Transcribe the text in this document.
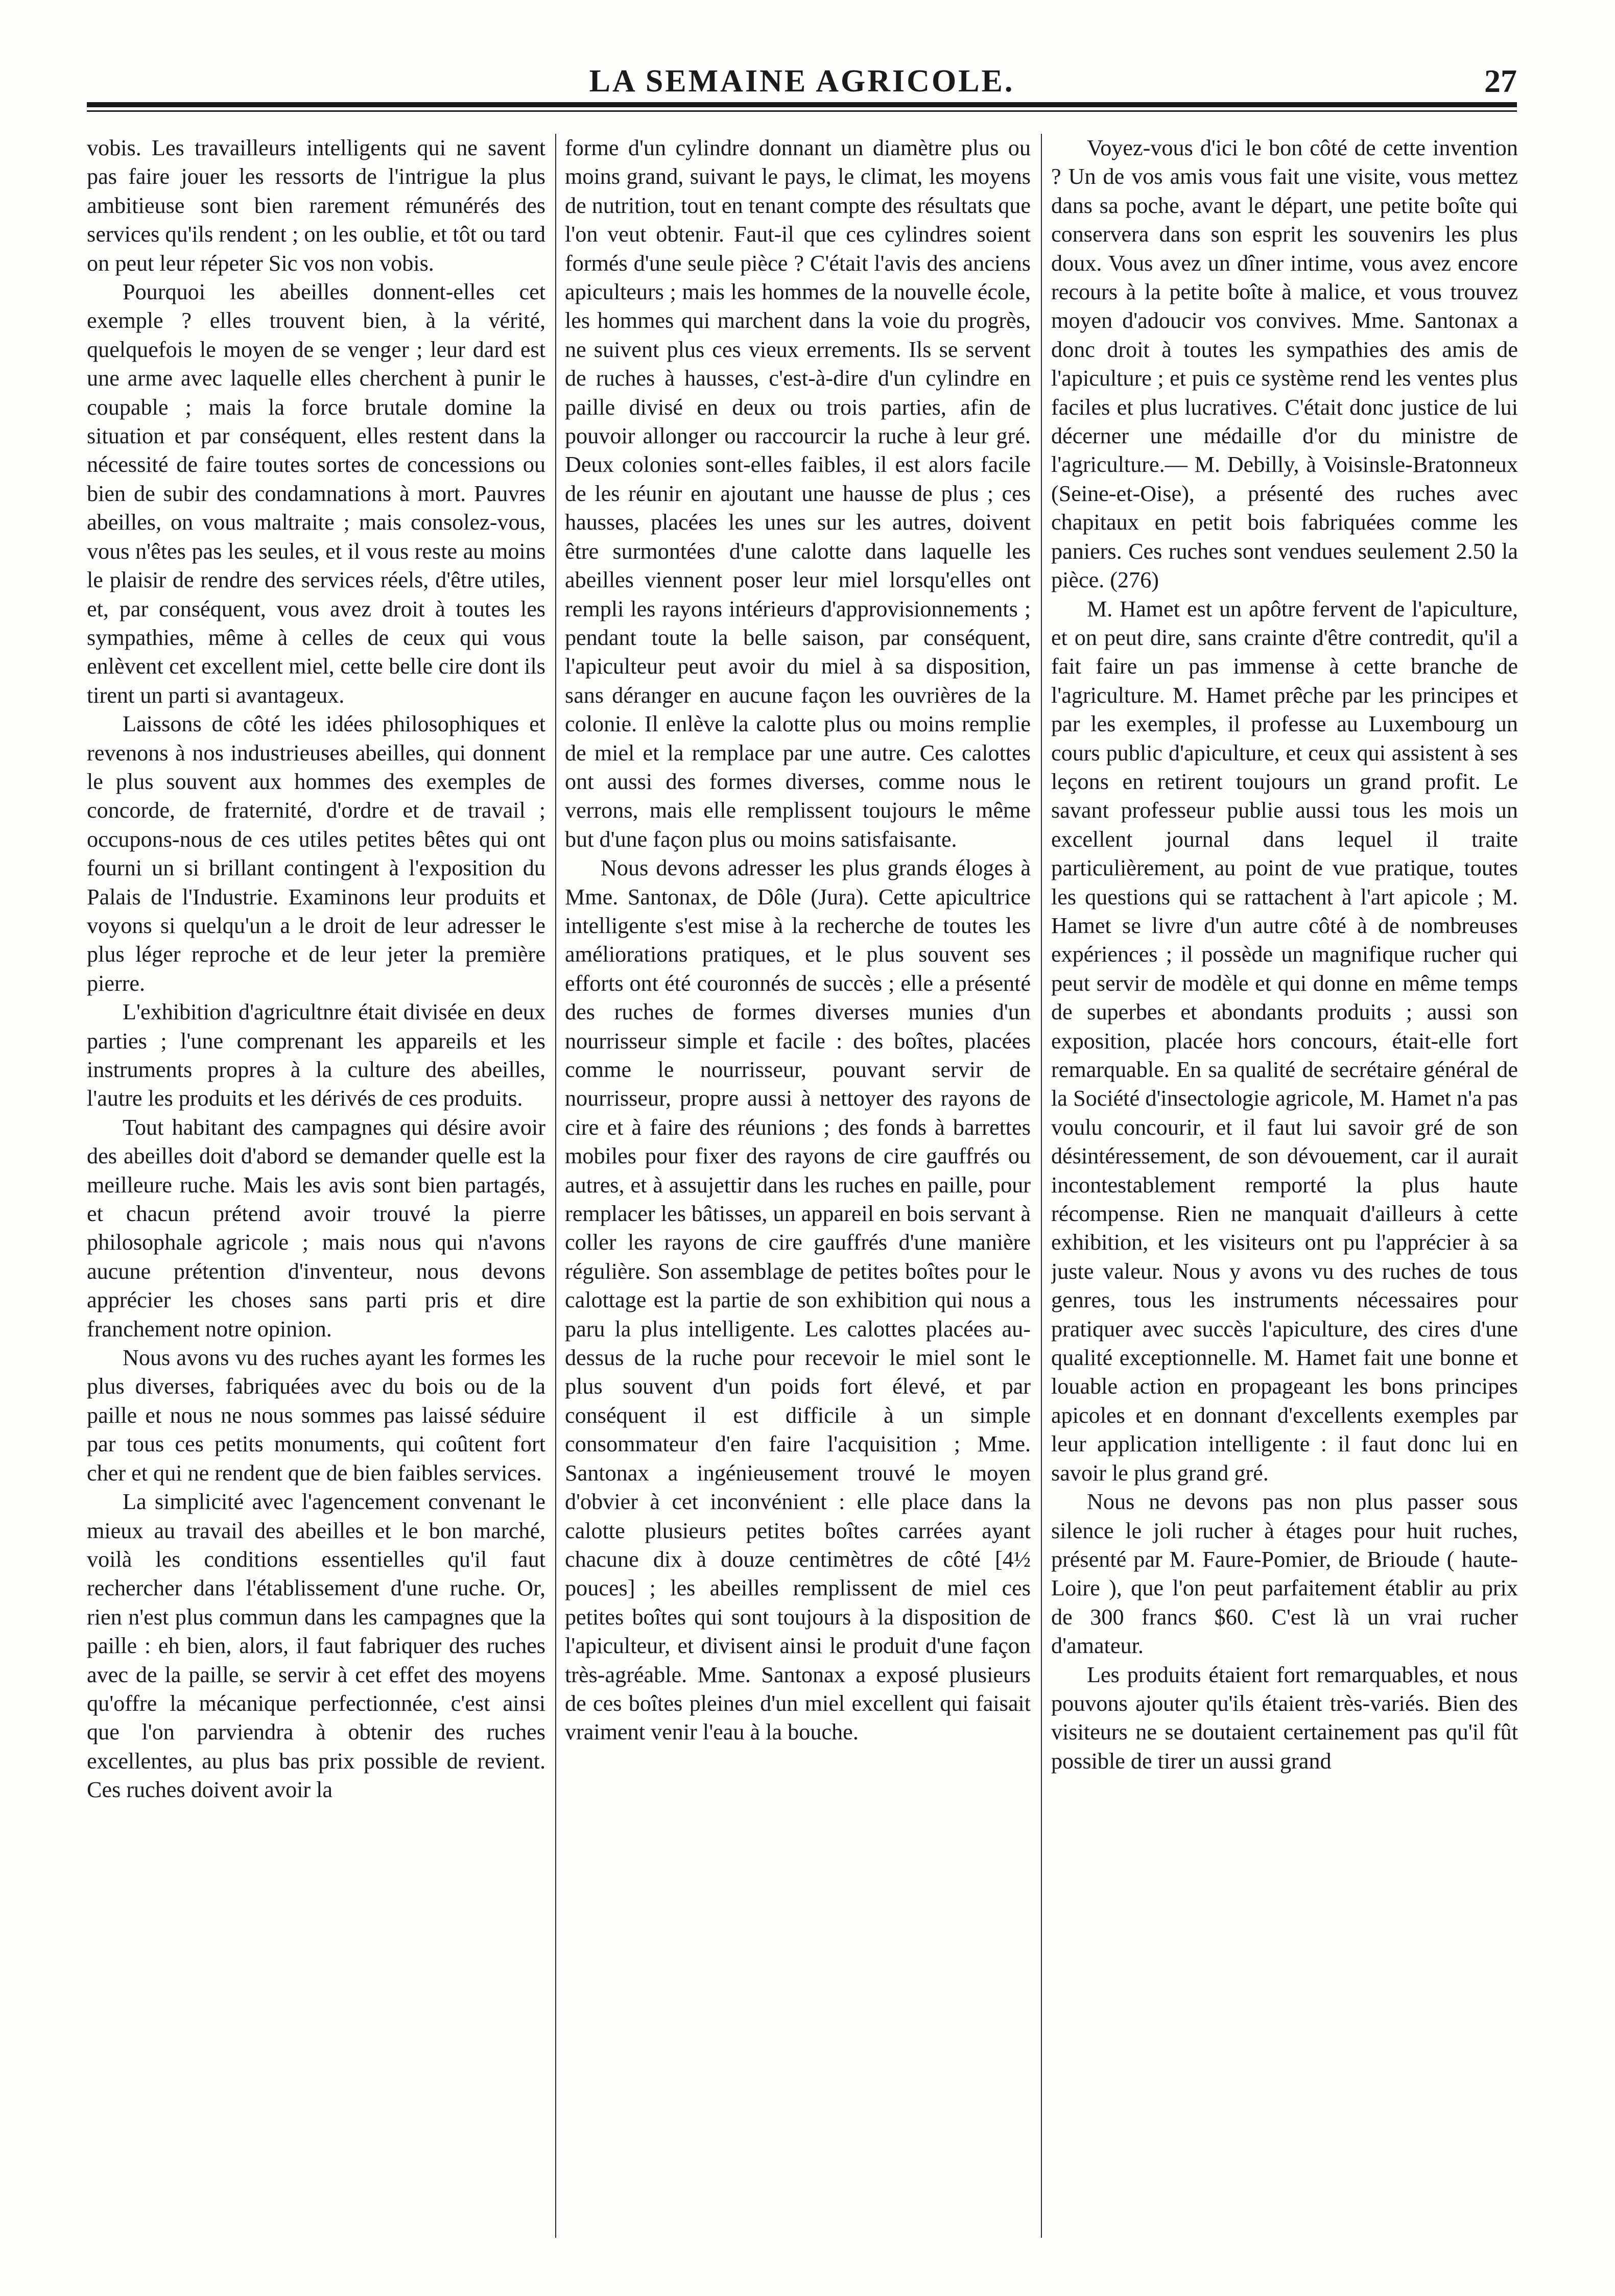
LA SEMAINE AGRICOLE.	27

vobis. Les travailleurs intelligents qui ne savent pas faire jouer les ressorts de l'intrigue la plus ambitieuse sont bien rarement rémunérés des services qu'ils rendent ; on les oublie, et tôt ou tard on peut leur répeter Sic vos non vobis.

Pourquoi les abeilles donnent-elles cet exemple ? elles trouvent bien, à la vérité, quelquefois le moyen de se venger ; leur dard est une arme avec laquelle elles cherchent à punir le coupable ; mais la force brutale domine la situation et par conséquent, elles restent dans la nécessité de faire toutes sortes de concessions ou bien de subir des condamnations à mort. Pauvres abeilles, on vous maltraite ; mais consolez-vous, vous n'êtes pas les seules, et il vous reste au moins le plaisir de rendre des services réels, d'être utiles, et, par conséquent, vous avez droit à toutes les sympathies, même à celles de ceux qui vous enlèvent cet excellent miel, cette belle cire dont ils tirent un parti si avantageux.

Laissons de côté les idées philosophiques et revenons à nos industrieuses abeilles, qui donnent le plus souvent aux hommes des exemples de concorde, de fraternité, d'ordre et de travail ; occupons-nous de ces utiles petites bêtes qui ont fourni un si brillant contingent à l'exposition du Palais de l'Industrie. Examinons leur produits et voyons si quelqu'un a le droit de leur adresser le plus léger reproche et de leur jeter la première pierre.

L'exhibition d'agricultnre était divisée en deux parties ; l'une comprenant les appareils et les instruments propres à la culture des abeilles, l'autre les produits et les dérivés de ces produits.

Tout habitant des campagnes qui désire avoir des abeilles doit d'abord se demander quelle est la meilleure ruche. Mais les avis sont bien partagés, et chacun prétend avoir trouvé la pierre philosophale agricole ; mais nous qui n'avons aucune prétention d'inventeur, nous devons apprécier les choses sans parti pris et dire franchement notre opinion.

Nous avons vu des ruches ayant les formes les plus diverses, fabriquées avec du bois ou de la paille et nous ne nous sommes pas laissé séduire par tous ces petits monuments, qui coûtent fort cher et qui ne rendent que de bien faibles services.

La simplicité avec l'agencement convenant le mieux au travail des abeilles et le bon marché, voilà les conditions essentielles qu'il faut rechercher dans l'établissement d'une ruche. Or, rien n'est plus commun dans les campagnes que la paille : eh bien, alors, il faut fabriquer des ruches avec de la paille, se servir à cet effet des moyens qu'offre la mécanique perfectionnée, c'est ainsi que l'on parviendra à obtenir des ruches excellentes, au plus bas prix possible de revient. Ces ruches doivent avoir la

forme d'un cylindre donnant un diamètre plus ou moins grand, suivant le pays, le climat, les moyens de nutrition, tout en tenant compte des résultats que l'on veut obtenir. Faut-il que ces cylindres soient formés d'une seule pièce ? C'était l'avis des anciens apiculteurs ; mais les hommes de la nouvelle école, les hommes qui marchent dans la voie du progrès, ne suivent plus ces vieux errements. Ils se servent de ruches à hausses, c'est-à-dire d'un cylindre en paille divisé en deux ou trois parties, afin de pouvoir allonger ou raccourcir la ruche à leur gré. Deux colonies sont-elles faibles, il est alors facile de les réunir en ajoutant une hausse de plus ; ces hausses, placées les unes sur les autres, doivent être surmontées d'une calotte dans laquelle les abeilles viennent poser leur miel lorsqu'elles ont rempli les rayons intérieurs d'approvisionnements ; pendant toute la belle saison, par conséquent, l'apiculteur peut avoir du miel à sa disposition, sans déranger en aucune façon les ouvrières de la colonie. Il enlève la calotte plus ou moins remplie de miel et la remplace par une autre. Ces calottes ont aussi des formes diverses, comme nous le verrons, mais elle remplissent toujours le même but d'une façon plus ou moins satisfaisante.

Nous devons adresser les plus grands éloges à Mme. Santonax, de Dôle (Jura). Cette apicultrice intelligente s'est mise à la recherche de toutes les améliorations pratiques, et le plus souvent ses efforts ont été couronnés de succès ; elle a présenté des ruches de formes diverses munies d'un nourrisseur simple et facile : des boîtes, placées comme le nourrisseur, pouvant servir de nourrisseur, propre aussi à nettoyer des rayons de cire et à faire des réunions ; des fonds à barrettes mobiles pour fixer des rayons de cire gauffrés ou autres, et à assujettir dans les ruches en paille, pour remplacer les bâtisses, un appareil en bois servant à coller les rayons de cire gauffrés d'une manière régulière. Son assemblage de petites boîtes pour le calottage est la partie de son exhibition qui nous a paru la plus intelligente. Les calottes placées au-dessus de la ruche pour recevoir le miel sont le plus souvent d'un poids fort élevé, et par conséquent il est difficile à un simple consommateur d'en faire l'acquisition ; Mme. Santonax a ingénieusement trouvé le moyen d'obvier à cet inconvénient : elle place dans la calotte plusieurs petites boîtes carrées ayant chacune dix à douze centimètres de côté [4½ pouces] ; les abeilles remplissent de miel ces petites boîtes qui sont toujours à la disposition de l'apiculteur, et divisent ainsi le produit d'une façon très-agréable. Mme. Santonax a exposé plusieurs de ces boîtes pleines d'un miel excellent qui faisait vraiment venir l'eau à la bouche.

Voyez-vous d'ici le bon côté de cette invention ? Un de vos amis vous fait une visite, vous mettez dans sa poche, avant le départ, une petite boîte qui conservera dans son esprit les souvenirs les plus doux. Vous avez un dîner intime, vous avez encore recours à la petite boîte à malice, et vous trouvez moyen d'adoucir vos convives. Mme. Santonax a donc droit à toutes les sympathies des amis de l'apiculture ; et puis ce système rend les ventes plus faciles et plus lucratives. C'était donc justice de lui décerner une médaille d'or du ministre de l'agriculture.— M. Debilly, à Voisinsle-Bratonneux (Seine-et-Oise), a présenté des ruches avec chapitaux en petit bois fabriquées comme les paniers. Ces ruches sont vendues seulement 2.50 la pièce. (276)

M. Hamet est un apôtre fervent de l'apiculture, et on peut dire, sans crainte d'être contredit, qu'il a fait faire un pas immense à cette branche de l'agriculture. M. Hamet prêche par les principes et par les exemples, il professe au Luxembourg un cours public d'apiculture, et ceux qui assistent à ses leçons en retirent toujours un grand profit. Le savant professeur publie aussi tous les mois un excellent journal dans lequel il traite particulièrement, au point de vue pratique, toutes les questions qui se rattachent à l'art apicole ; M. Hamet se livre d'un autre côté à de nombreuses expériences ; il possède un magnifique rucher qui peut servir de modèle et qui donne en même temps de superbes et abondants produits ; aussi son exposition, placée hors concours, était-elle fort remarquable. En sa qualité de secrétaire général de la Société d'insectologie agricole, M. Hamet n'a pas voulu concourir, et il faut lui savoir gré de son désintéressement, de son dévouement, car il aurait incontestablement remporté la plus haute récompense. Rien ne manquait d'ailleurs à cette exhibition, et les visiteurs ont pu l'apprécier à sa juste valeur. Nous y avons vu des ruches de tous genres, tous les instruments nécessaires pour pratiquer avec succès l'apiculture, des cires d'une qualité exceptionnelle. M. Hamet fait une bonne et louable action en propageant les bons principes apicoles et en donnant d'excellents exemples par leur application intelligente : il faut donc lui en savoir le plus grand gré.

Nous ne devons pas non plus passer sous silence le joli rucher à étages pour huit ruches, présenté par M. Faure-Pomier, de Brioude ( haute-Loire ), que l'on peut parfaitement établir au prix de 300 francs $60. C'est là un vrai rucher d'amateur.

Les produits étaient fort remarquables, et nous pouvons ajouter qu'ils étaient très-variés. Bien des visiteurs ne se doutaient certainement pas qu'il fût possible de tirer un aussi grand
